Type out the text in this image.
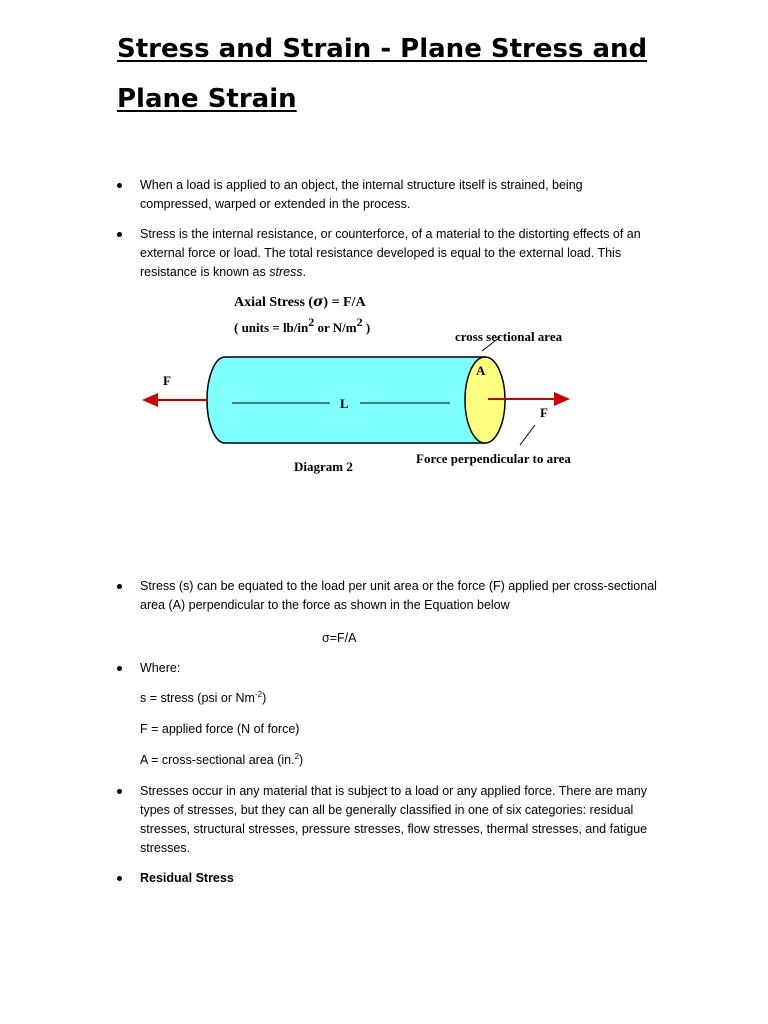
Stress and Strain - Plane Stress and
Plane Strain
When a load is applied to an object, the internal structure itself is strained, being
compressed, warped or extended in the process.
Stress is the internal resistance, or counterforce, of a material to the distorting effects of an
external force or load. The total resistance developed is equal to the external load. This
resistance is known as stress.
Axial Stress (σ) = F/A
( units = lb/in2 or N/m2 )
cross sectional area
A
L
F
F
Diagram 2
Force perpendicular to area
Stress (s) can be equated to the load per unit area or the force (F) applied per cross-sectional
area (A) perpendicular to the force as shown in the Equation below
σ=F/A
Where:
s = stress (psi or $Nm^{-2}$)
F = applied force (N of force)
A = cross-sectional area (in.$^2$)
Stresses occur in any material that is subject to a load or any applied force. There are many
types of stresses, but they can all be generally classified in one of six categories: residual
stresses, structural stresses, pressure stresses, flow stresses, thermal stresses, and fatigue
stresses.
Residual Stress
